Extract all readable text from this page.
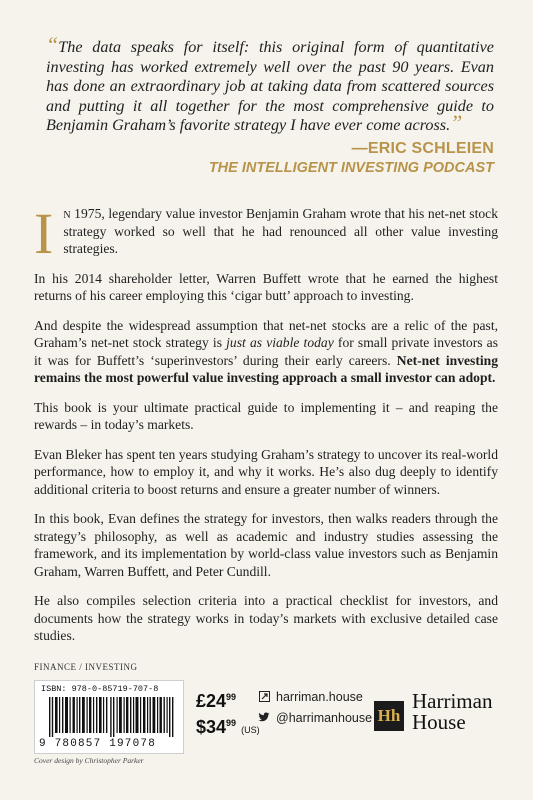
“The data speaks for itself: this original form of quantitative investing has worked extremely well over the past 90 years. Evan has done an extraordinary job at taking data from scattered sources and putting it all together for the most comprehensive guide to Benjamin Graham’s favorite strategy I have ever come across.”

—ERIC SCHLEIEN
THE INTELLIGENT INVESTING PODCAST

In 1975, legendary value investor Benjamin Graham wrote that his net-net stock strategy worked so well that he had renounced all other value investing strategies.

In his 2014 shareholder letter, Warren Buffett wrote that he earned the highest returns of his career employing this ‘cigar butt’ approach to investing.

And despite the widespread assumption that net-net stocks are a relic of the past, Graham’s net-net stock strategy is just as viable today for small private investors as it was for Buffett’s ‘superinvestors’ during their early careers. Net-net investing remains the most powerful value investing approach a small investor can adopt.

This book is your ultimate practical guide to implementing it – and reaping the rewards – in today’s markets.

Evan Bleker has spent ten years studying Graham’s strategy to uncover its real-world performance, how to employ it, and why it works. He’s also dug deeply to identify additional criteria to boost returns and ensure a greater number of winners.

In this book, Evan defines the strategy for investors, then walks readers through the strategy’s philosophy, as well as academic and industry studies assessing the framework, and its implementation by world-class value investors such as Benjamin Graham, Warren Buffett, and Peter Cundill.

He also compiles selection criteria into a practical checklist for investors, and documents how the strategy works in today’s markets with exclusive detailed case studies.

FINANCE / INVESTING
ISBN: 978-0-85719-707-8
9 780857 197078
$£24^{99}$
$\$34^{99}$ (US)
harriman.house
@harrimanhouse Hh
Harriman
House
Cover design by Christopher Parker
